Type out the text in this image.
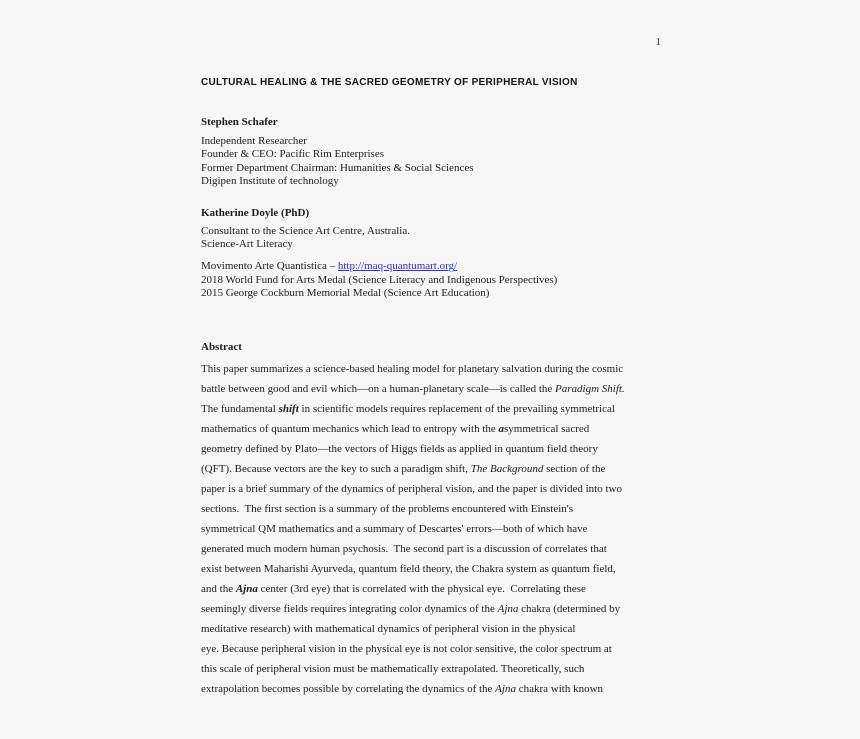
1
CULTURAL HEALING & THE SACRED GEOMETRY OF PERIPHERAL VISION
Stephen Schafer
Independent Researcher
Founder & CEO: Pacific Rim Enterprises
Former Department Chairman: Humanities & Social Sciences
Digipen Institute of technology
Katherine Doyle (PhD)
Consultant to the Science Art Centre, Australia.
Science-Art Literacy
Movimento Arte Quantistica – http://maq-quantumart.org/
2018 World Fund for Arts Medal (Science Literacy and Indigenous Perspectives)
2015 George Cockburn Memorial Medal (Science Art Education)
Abstract
This paper summarizes a science-based healing model for planetary salvation during the cosmic
battle between good and evil which—on a human-planetary scale—is called the Paradigm Shift.
The fundamental shift in scientific models requires replacement of the prevailing symmetrical
mathematics of quantum mechanics which lead to entropy with the asymmetrical sacred
geometry defined by Plato—the vectors of Higgs fields as applied in quantum field theory
(QFT). Because vectors are the key to such a paradigm shift, The Background section of the
paper is a brief summary of the dynamics of peripheral vision, and the paper is divided into two
sections.  The first section is a summary of the problems encountered with Einstein's
symmetrical QM mathematics and a summary of Descartes' errors—both of which have
generated much modern human psychosis.  The second part is a discussion of correlates that
exist between Maharishi Ayurveda, quantum field theory, the Chakra system as quantum field,
and the Ajna center (3rd eye) that is correlated with the physical eye.  Correlating these
seemingly diverse fields requires integrating color dynamics of the Ajna chakra (determined by
meditative research) with mathematical dynamics of peripheral vision in the physical
eye. Because peripheral vision in the physical eye is not color sensitive, the color spectrum at
this scale of peripheral vision must be mathematically extrapolated. Theoretically, such
extrapolation becomes possible by correlating the dynamics of the Ajna chakra with known
